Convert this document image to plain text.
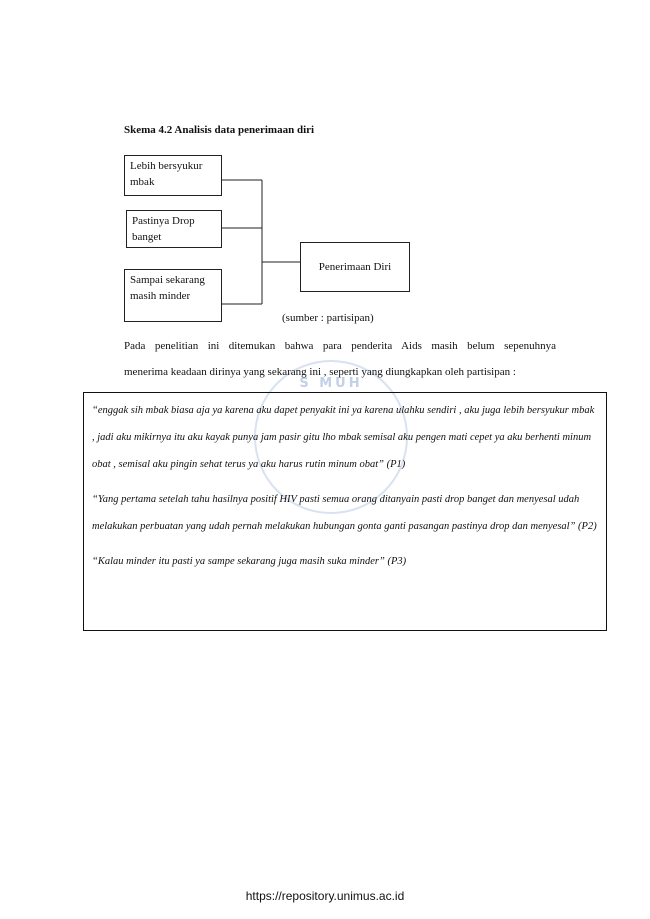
Skema 4.2 Analisis data penerimaan diri
Lebih bersyukur mbak
Pastinya Drop banget
Sampai sekarang masih minder
Penerimaan Diri
(sumber : partisipan)
S MUH

Pada penelitian ini ditemukan bahwa para penderita Aids masih belum sepenuhnya

menerima keadaan dirinya yang sekarang ini , seperti yang diungkapkan oleh partisipan :

“enggak sih mbak biasa aja ya karena aku dapet penyakit ini ya karena ulahku sendiri , aku juga lebih bersyukur mbak , jadi aku mikirnya itu aku kayak punya jam pasir gitu lho mbak semisal aku pengen mati cepet ya aku berhenti minum obat , semisal aku pingin sehat terus ya aku harus rutin minum obat” (P1)

“Yang pertama setelah tahu hasilnya positif HIV pasti semua orang ditanyain pasti drop banget dan menyesal udah melakukan perbuatan yang udah pernah melakukan hubungan gonta ganti pasangan pastinya drop dan menyesal” (P2)

“Kalau minder itu pasti ya sampe sekarang juga masih suka minder” (P3)

https://repository.unimus.ac.id
